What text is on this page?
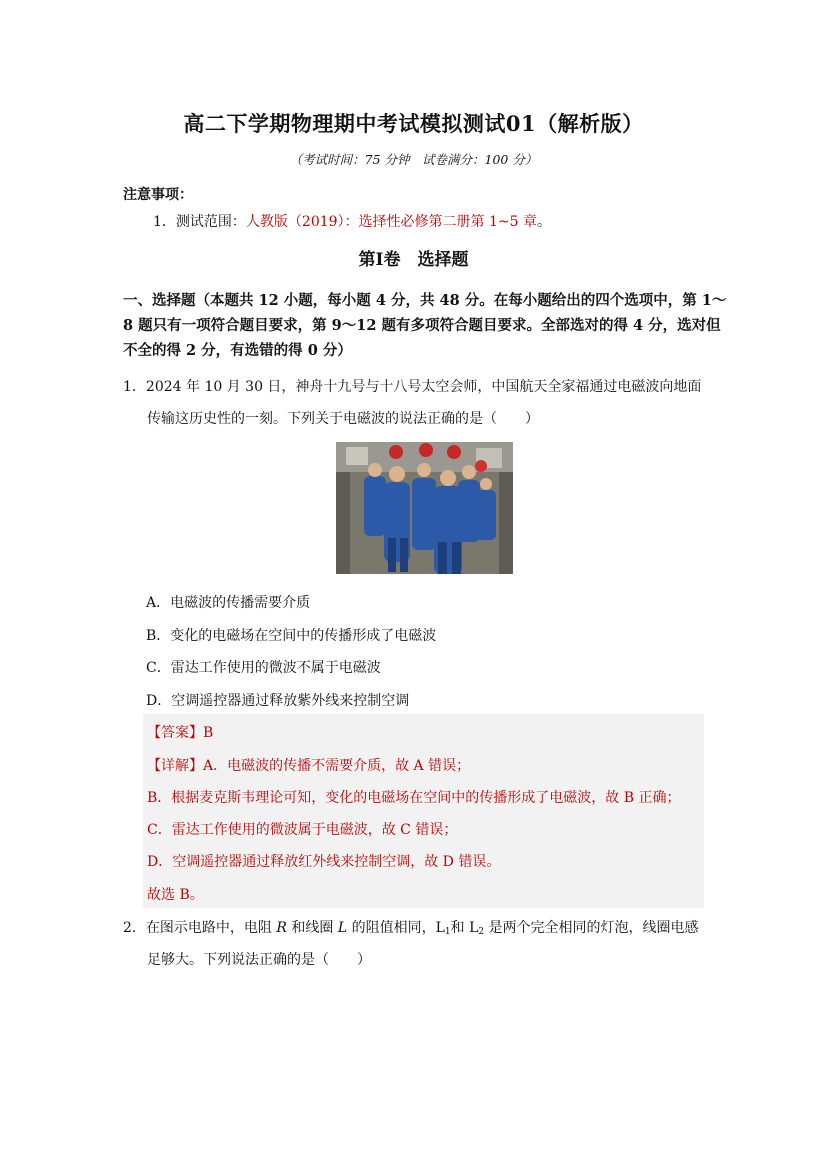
高二下学期物理期中考试模拟测试01（解析版）
（考试时间：75 分钟　试卷满分：100 分）
注意事项：
1．测试范围：人教版（2019）：选择性必修第二册第 1~5 章。
第Ⅰ卷　选择题
一、选择题（本题共 12 小题，每小题 4 分，共 48 分。在每小题给出的四个选项中，第 1～
8 题只有一项符合题目要求，第 9～12 题有多项符合题目要求。全部选对的得 4 分，选对但
不全的得 2 分，有选错的得 0 分）
1．2024 年 10 月 30 日，神舟十九号与十八号太空会师，中国航天全家福通过电磁波向地面
传输这历史性的一刻。下列关于电磁波的说法正确的是（　　）
A．电磁波的传播需要介质
B．变化的电磁场在空间中的传播形成了电磁波
C．雷达工作使用的微波不属于电磁波
D．空调遥控器通过释放紫外线来控制空调
【答案】B
【详解】A．电磁波的传播不需要介质，故 A 错误；
B．根据麦克斯韦理论可知，变化的电磁场在空间中的传播形成了电磁波，故 B 正确；
C．雷达工作使用的微波属于电磁波，故 C 错误；
D．空调遥控器通过释放红外线来控制空调，故 D 错误。
故选 B。
2．在图示电路中，电阻 R 和线圈 L 的阻值相同，$L_1$和 $L_2$ 是两个完全相同的灯泡，线圈电感
足够大。下列说法正确的是（　　）
